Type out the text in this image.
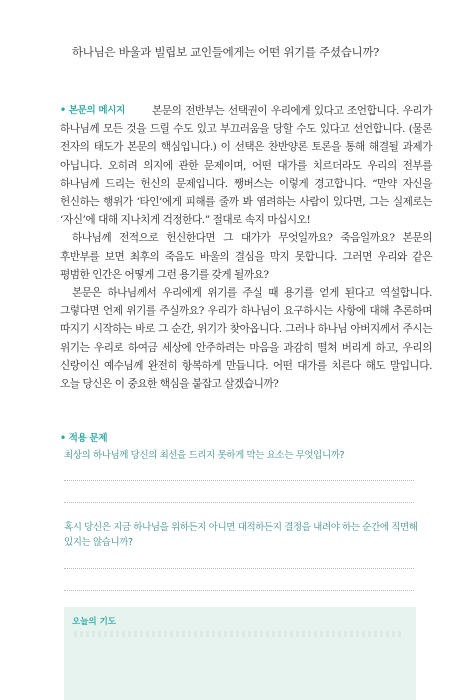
하나님은 바울과 빌립보 교인들에게는 어떤 위기를 주셨습니까?
• 본문의 메시지	본문의 전반부는 선택권이 우리에게 있다고 조언합니다. 우리가 하나님께 모든 것을 드릴 수도 있고 부끄러움을 당할 수도 있다고 선언합니다. (물론 전자의 태도가 본문의 핵심입니다.) 이 선택은 찬반양론 토론을 통해 해결될 과제가 아닙니다. 오히려 의지에 관한 문제이며, 어떤 대가를 치르더라도 우리의 전부를 하나님께 드리는 헌신의 문제입니다. 쨍버스는 이렇게 경고합니다. “만약 자신을 헌신하는 행위가 ‘타인’에게 피해를 줄까 봐 염려하는 사람이 있다면, 그는 실제로는 ‘자신’에 대해 지나치게 걱정한다.” 절대로 속지 마십시오!

하나님께 전적으로 헌신한다면 그 대가가 무엇일까요? 죽음일까요? 본문의 후반부를 보면 최후의 죽음도 바울의 결심을 막지 못합니다. 그러면 우리와 같은 평범한 인간은 어떻게 그런 용기를 갖게 될까요?

본문은 하나님께서 우리에게 위기를 주실 때 용기를 얻게 된다고 역설합니다. 그렇다면 언제 위기를 주실까요? 우리가 하나님이 요구하시는 사항에 대해 추론하며 따지기 시작하는 바로 그 순간, 위기가 찾아옵니다. 그러나 하나님 아버지께서 주시는 위기는 우리로 하여금 세상에 안주하려는 마음을 과감히 떨쳐 버리게 하고, 우리의 신랑이신 예수님께 완전히 항복하게 만듭니다. 어떤 대가를 치른다 해도 말입니다. 오늘 당신은 이 중요한 핵심을 붙잡고 살겠습니까?

• 적용 문제
최상의 하나님께 당신의 최선을 드리지 못하게 막는 요소는 무엇입니까?
혹시 당신은 지금 하나님을 위하든지 아니면 대적하든지 결정을 내려야 하는 순간에 직면해 있지는 않습니까?
오늘의 기도
